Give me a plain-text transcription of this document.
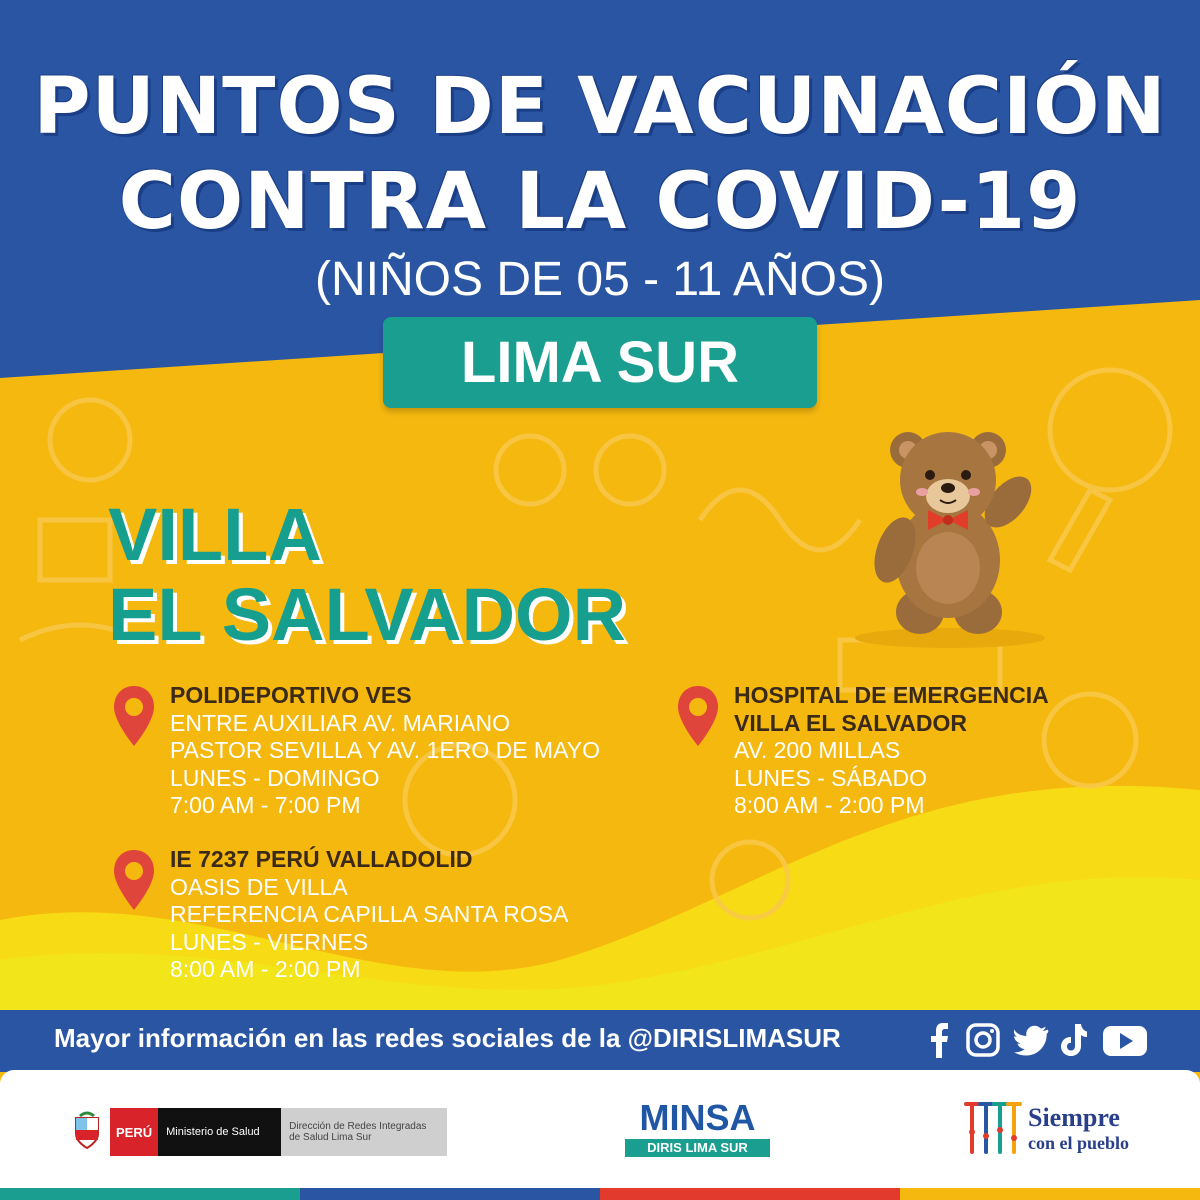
PUNTOS DE VACUNACIÓN
CONTRA LA COVID-19
(NIÑOS DE 05 - 11 AÑOS)
LIMA SUR
VILLA
EL SALVADOR
POLIDEPORTIVO VES
ENTRE AUXILIAR AV. MARIANO
PASTOR SEVILLA Y AV. 1ERO DE MAYO
LUNES - DOMINGO
7:00 AM - 7:00 PM
IE 7237 PERÚ VALLADOLID
OASIS DE VILLA
REFERENCIA CAPILLA SANTA ROSA
LUNES - VIERNES
8:00 AM - 2:00 PM
HOSPITAL DE EMERGENCIA
VILLA EL SALVADOR
AV. 200 MILLAS
LUNES - SÁBADO
8:00 AM - 2:00 PM
Mayor información en las redes sociales de la @DIRISLIMASUR
PERÚ	Ministerio de Salud	Dirección de Redes Integradas de Salud Lima Sur	MINSA
DIRIS LIMA SUR
Siempre
con el pueblo
